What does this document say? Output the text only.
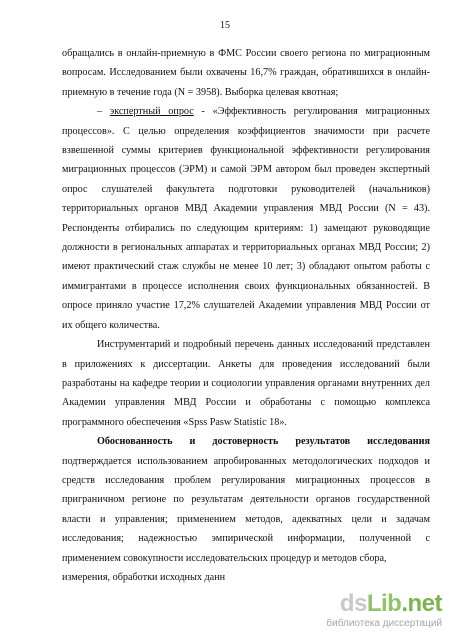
15

обращались в онлайн-приемную в ФМС России своего региона по миграционным вопросам. Исследованием были охвачены 16,7% граждан, обратившихся в онлайн-приемную в течение года (N = 3958). Выборка целевая квотная;

– экспертный опрос - «Эффективность регулирования миграционных процессов». С целью определения коэффициентов значимости при расчете взвешенной суммы критериев функциональной эффективности регулирования миграционных процессов (ЭРМ) и самой ЭРМ автором был проведен экспертный опрос слушателей факультета подготовки руководителей (начальников) территориальных органов МВД Академии управления МВД России (N = 43). Респонденты отбирались по следующим критериям: 1) замещают руководящие должности в региональных аппаратах и территориальных органах МВД России; 2) имеют практический стаж службы не менее 10 лет; 3) обладают опытом работы с иммигрантами в процессе исполнения своих функциональных обязанностей. В опросе приняло участие 17,2% слушателей Академии управления МВД России от их общего количества.

Инструментарий и подробный перечень данных исследований представлен в приложениях к диссертации. Анкеты для проведения исследований были разработаны на кафедре теории и социологии управления органами внутренних дел Академии управления МВД России и обработаны с помощью комплекса программного обеспечения «Spss Pasw Statistic 18».

Обоснованность и достоверность результатов исследования подтверждается использованием апробированных методологических подходов и средств исследования проблем регулирования миграционных процессов в приграничном регионе по результатам деятельности органов государственной власти и управления; применением методов, адекватных цели и задачам исследования; надежностью эмпирической информации, полученной с применением совокупности исследовательских процедур и методов сбора,

измерения, обработки исходных данн

dsLib.net
библиотека диссертаций
